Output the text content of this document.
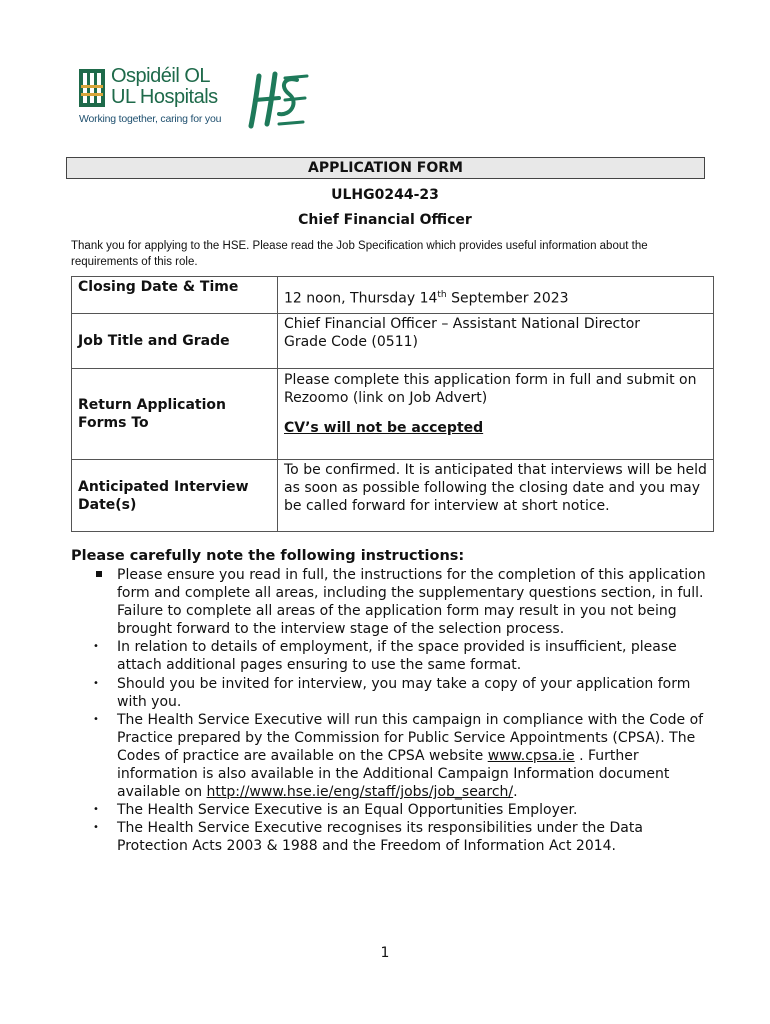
Ospidéil OL
UL Hospitals
Working together, caring for you
APPLICATION FORM
ULHG0244-23
Chief Financial Officer
Thank you for applying to the HSE. Please read the Job Specification which provides useful information about the requirements of this role.
Closing Date & Time	12 noon, Thursday 14th September 2023
Job Title and Grade	Chief Financial Officer – Assistant National Director
Grade Code (0511)

Return Application Forms To	Please complete this application form in full and submit on Rezoomo (link on Job Advert)
CV’s will not be accepted

Anticipated Interview Date(s)	To be confirmed. It is anticipated that interviews will be held as soon as possible following the closing date and you may be called forward for interview at short notice.
Please carefully note the following instructions:
Please ensure you read in full, the instructions for the completion of this application form and complete all areas, including the supplementary questions section, in full. Failure to complete all areas of the application form may result in you not being brought forward to the interview stage of the selection process.
• In relation to details of employment, if the space provided is insufficient, please attach additional pages ensuring to use the same format.
• Should you be invited for interview, you may take a copy of your application form with you.
• The Health Service Executive will run this campaign in compliance with the Code of Practice prepared by the Commission for Public Service Appointments (CPSA). The Codes of practice are available on the CPSA website www.cpsa.ie . Further information is also available in the Additional Campaign Information document available on http://www.hse.ie/eng/staff/jobs/job_search/.
• The Health Service Executive is an Equal Opportunities Employer.
• The Health Service Executive recognises its responsibilities under the Data Protection Acts 2003 & 1988 and the Freedom of Information Act 2014.
1
